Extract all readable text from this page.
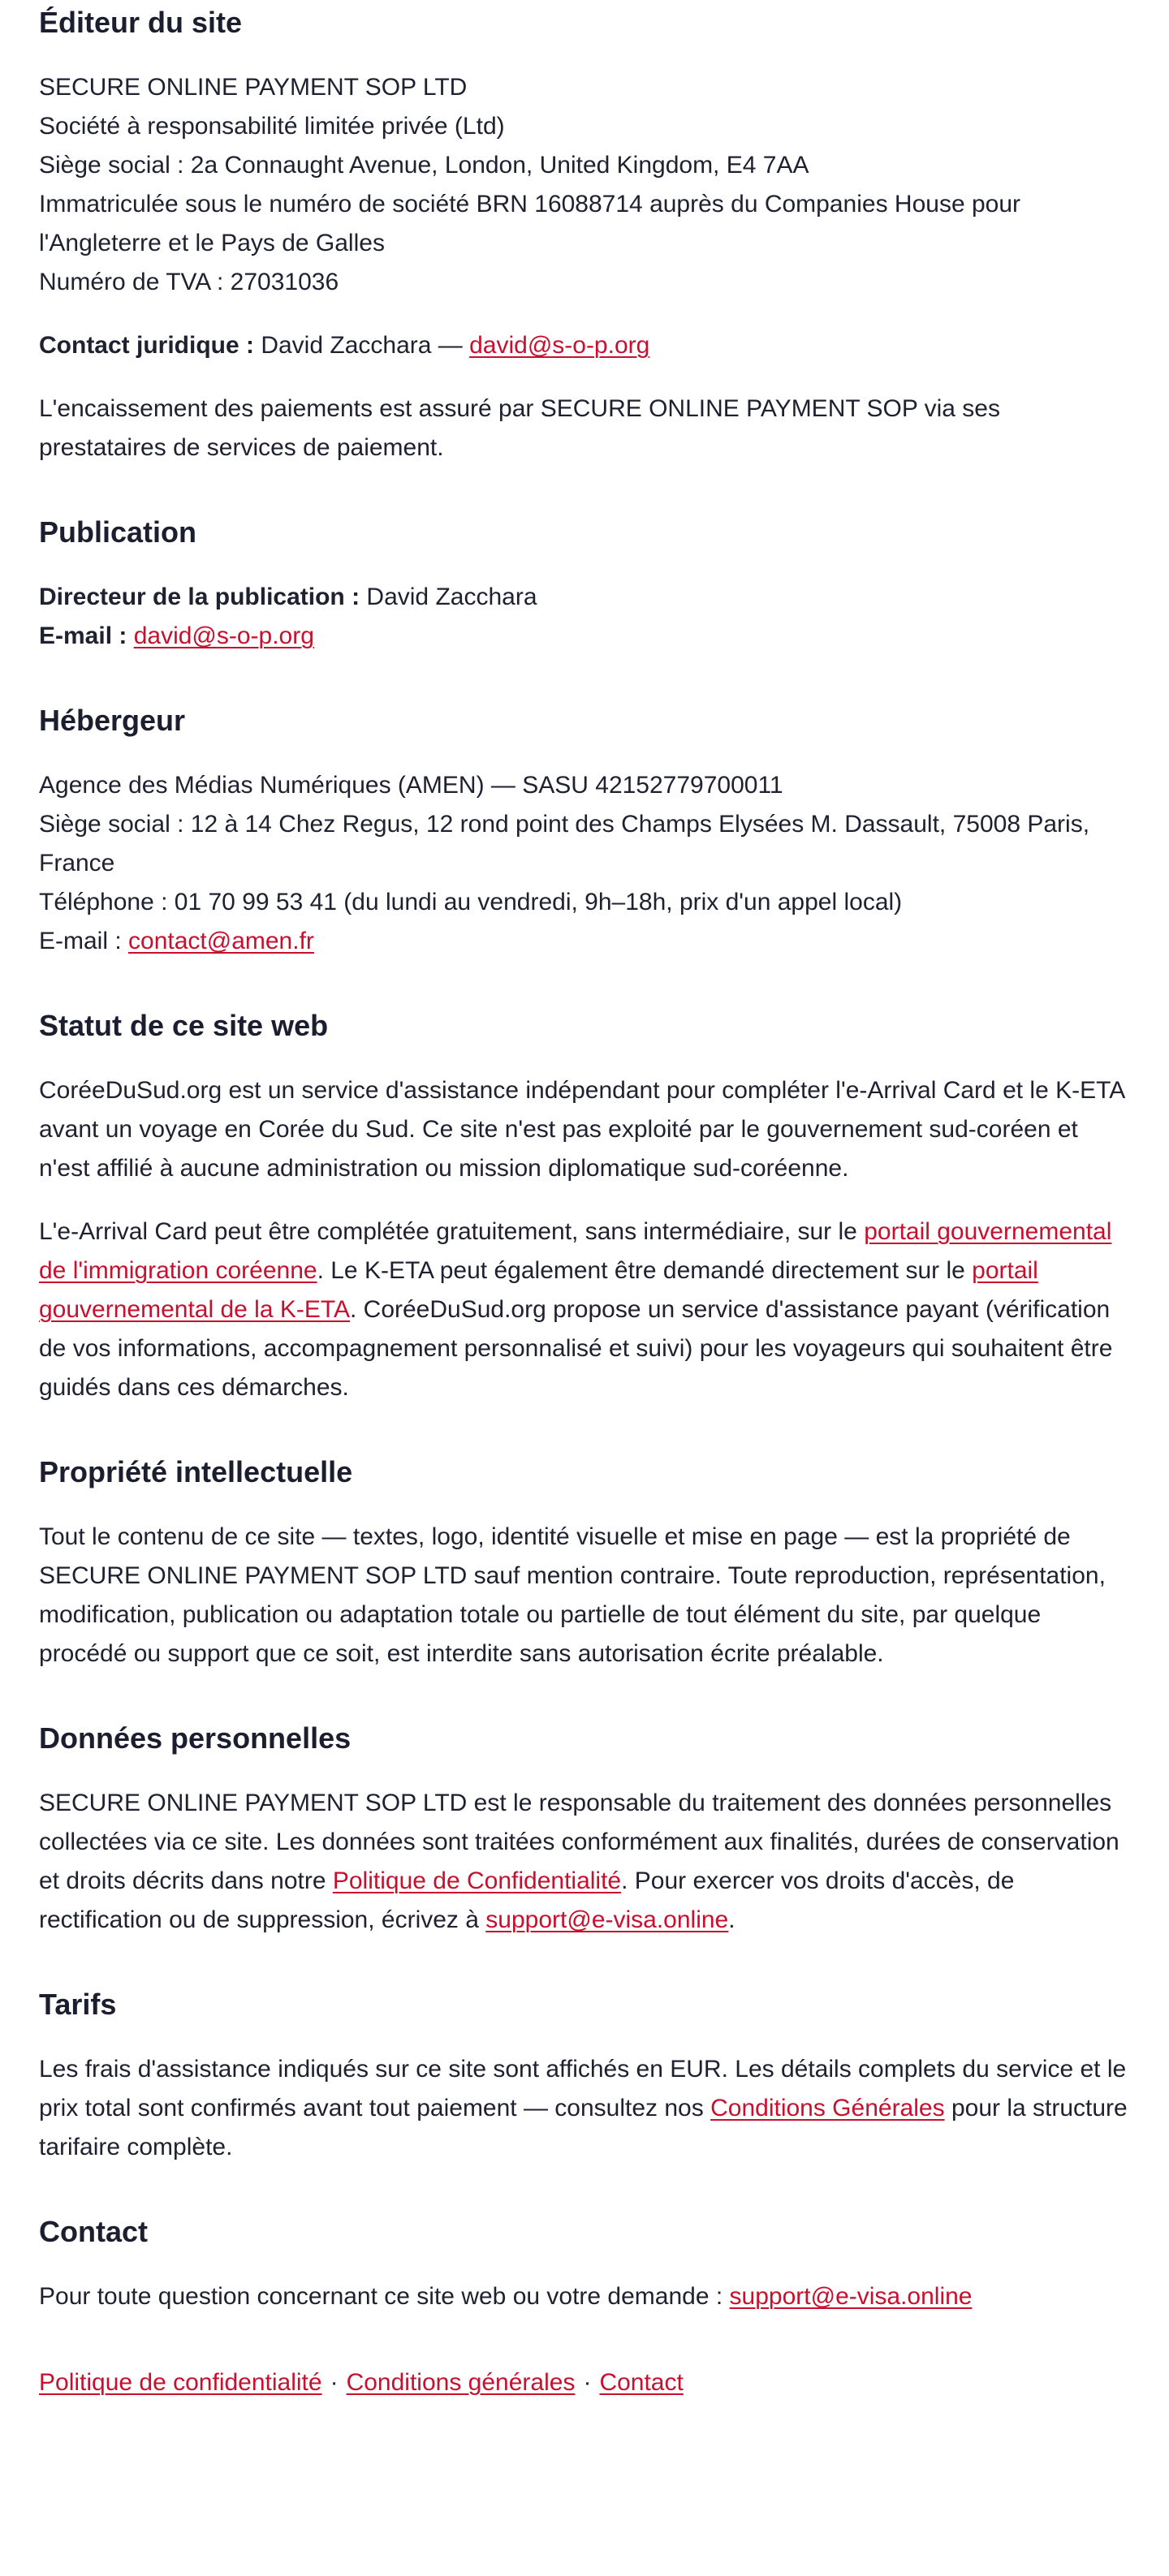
Éditeur du site

SECURE ONLINE PAYMENT SOP LTD
Société à responsabilité limitée privée (Ltd)
Siège social : 2a Connaught Avenue, London, United Kingdom, E4 7AA
Immatriculée sous le numéro de société BRN 16088714 auprès du Companies House pour l'Angleterre et le Pays de Galles
Numéro de TVA : 27031036

Contact juridique : David Zacchara — david@s-o-p.org

L'encaissement des paiements est assuré par SECURE ONLINE PAYMENT SOP via ses prestataires de services de paiement.

Publication

Directeur de la publication : David Zacchara
E-mail : david@s-o-p.org

Hébergeur

Agence des Médias Numériques (AMEN) — SASU 42152779700011
Siège social : 12 à 14 Chez Regus, 12 rond point des Champs Elysées M. Dassault, 75008 Paris, France
Téléphone : 01 70 99 53 41 (du lundi au vendredi, 9h–18h, prix d'un appel local)
E-mail : contact@amen.fr

Statut de ce site web

CoréeDuSud.org est un service d'assistance indépendant pour compléter l'e-Arrival Card et le K-ETA avant un voyage en Corée du Sud. Ce site n'est pas exploité par le gouvernement sud-coréen et n'est affilié à aucune administration ou mission diplomatique sud-coréenne.

L'e-Arrival Card peut être complétée gratuitement, sans intermédiaire, sur le portail gouvernemental de l'immigration coréenne. Le K-ETA peut également être demandé directement sur le portail gouvernemental de la K-ETA. CoréeDuSud.org propose un service d'assistance payant (vérification de vos informations, accompagnement personnalisé et suivi) pour les voyageurs qui souhaitent être guidés dans ces démarches.

Propriété intellectuelle

Tout le contenu de ce site — textes, logo, identité visuelle et mise en page — est la propriété de SECURE ONLINE PAYMENT SOP LTD sauf mention contraire. Toute reproduction, représentation, modification, publication ou adaptation totale ou partielle de tout élément du site, par quelque procédé ou support que ce soit, est interdite sans autorisation écrite préalable.

Données personnelles

SECURE ONLINE PAYMENT SOP LTD est le responsable du traitement des données personnelles collectées via ce site. Les données sont traitées conformément aux finalités, durées de conservation et droits décrits dans notre Politique de Confidentialité. Pour exercer vos droits d'accès, de rectification ou de suppression, écrivez à support@e-visa.online.

Tarifs

Les frais d'assistance indiqués sur ce site sont affichés en EUR. Les détails complets du service et le prix total sont confirmés avant tout paiement — consultez nos Conditions Générales pour la structure tarifaire complète.

Contact

Pour toute question concernant ce site web ou votre demande : support@e-visa.online

Politique de confidentialité · Conditions générales · Contact
